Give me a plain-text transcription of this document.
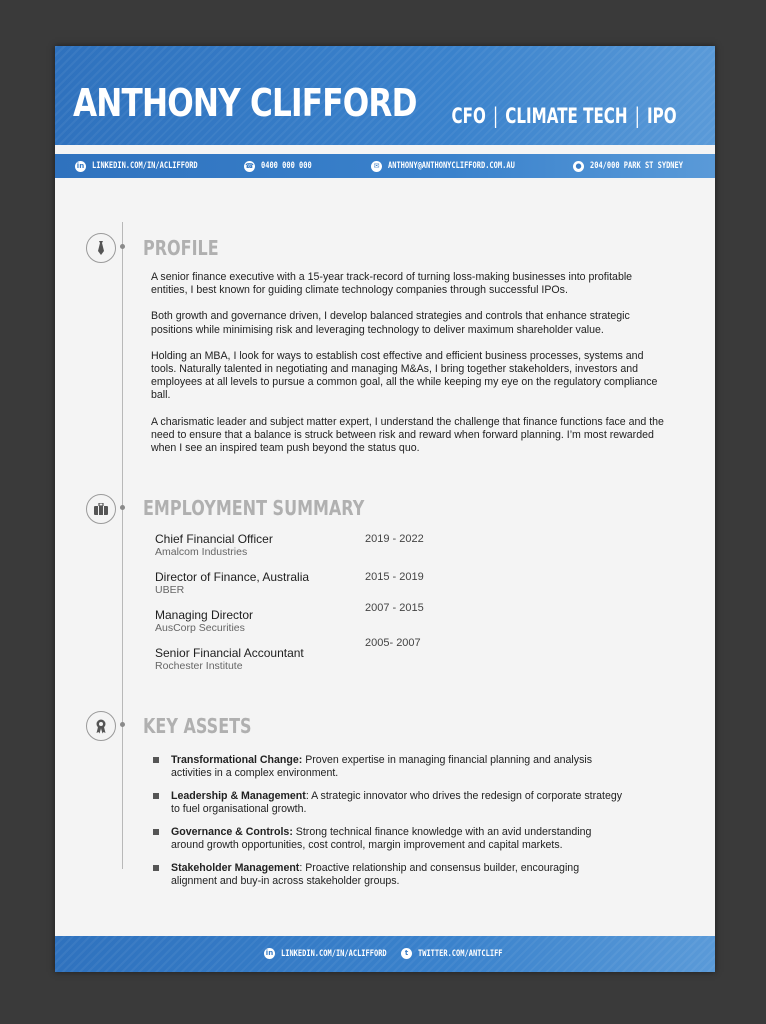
ANTHONY CLIFFORD CFO | CLIMATE TECH | IPO
in LINKEDIN.COM/IN/ACLIFFORD	☎ 0400 000 000	✉ ANTHONY@ANTHONYCLIFFORD.COM.AU	● 204/000 PARK ST SYDNEY
PROFILE

A senior finance executive with a 15-year track-record of turning loss-making businesses into profitable entities, I best known for guiding climate technology companies through successful IPOs.

Both growth and governance driven, I develop balanced strategies and controls that enhance strategic positions while minimising risk and leveraging technology to deliver maximum shareholder value.

Holding an MBA, I look for ways to establish cost effective and efficient business processes, systems and tools. Naturally talented in negotiating and managing M&As, I bring together stakeholders, investors and employees at all levels to pursue a common goal, all the while keeping my eye on the regulatory compliance ball.

A charismatic leader and subject matter expert, I understand the challenge that finance functions face and the need to ensure that a balance is struck between risk and reward when forward planning. I’m most rewarded when I see an inspired team push beyond the status quo.

EMPLOYMENT SUMMARY
Chief Financial Officer
Amalcom Industries
2019 - 2022
Director of Finance, Australia
UBER
2015 - 2019
Managing Director
AusCorp Securities
2007 - 2015
Senior Financial Accountant
Rochester Institute
2005- 2007
KEY ASSETS
Transformational Change: Proven expertise in managing financial planning and analysis activities in a complex environment.
Leadership & Management: A strategic innovator who drives the redesign of corporate strategy to fuel organisational growth.
Governance & Controls: Strong technical finance knowledge with an avid understanding around growth opportunities, cost control, margin improvement and capital markets.
Stakeholder Management: Proactive relationship and consensus builder, encouraging alignment and buy-in across stakeholder groups.
in LINKEDIN.COM/IN/ACLIFFORD	t	TWITTER.COM/ANTCLIFF
